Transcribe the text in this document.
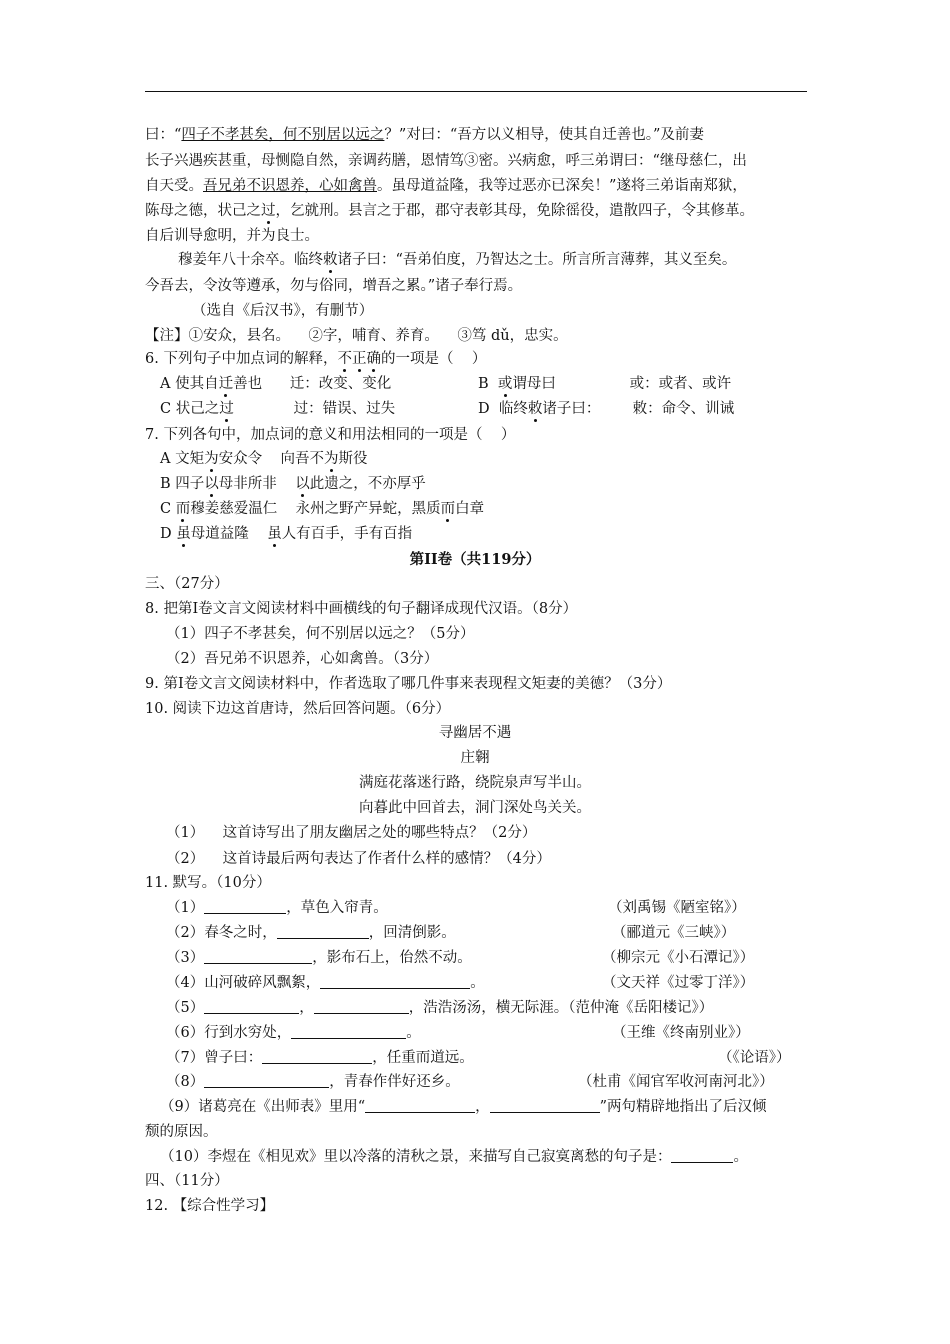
曰：“四子不孝甚矣，何不别居以远之？”对曰：“吾方以义相导，使其自迁善也。”及前妻
长子兴遇疾甚重，母恻隐自然，亲调药膳，恩情笃③密。兴病愈，呼三弟谓曰：“继母慈仁，出
自天受。吾兄弟不识恩养，心如禽兽。虽母道益隆，我等过恶亦已深矣！”遂将三弟诣南郑狱，
陈母之德，状己之过，乞就刑。县言之于郡，郡守表彰其母，免除徭役，遣散四子，令其修革。
自后训导愈明，并为良士。
穆姜年八十余卒。临终敕诸子曰：“吾弟伯度，乃智达之士。所言所言薄葬，其义至矣。
今吾去，令汝等遵承，勿与俗同，增吾之累。”诸子奉行焉。
（选自《后汉书》，有删节）
【注】①安众，县名。    ②字，哺育、养育。    ③笃 dǔ，忠实。
6. 下列句子中加点词的解释，不正确的一项是（    ）
A 使其自迁善也      迁：改变、变化	B  或谓母曰                或：或者、或许
C 状己之过             过：错误、过失	D  临终敕诸子曰：       敕：命令、训诫
7. 下列各句中，加点词的意义和用法相同的一项是（    ）
A 文矩为安众令    向吾不为斯役
B 四子以母非所非    以此遗之，不亦厚乎
C 而穆姜慈爱温仁    永州之野产异蛇，黑质而白章
D 虽母道益隆    虽人有百手，手有百指
第II卷（共119分）
三、（27分）
8. 把第I卷文言文阅读材料中画横线的句子翻译成现代汉语。（8分）
（1）四子不孝甚矣，何不别居以远之？（5分）
（2）吾兄弟不识恩养，心如禽兽。（3分）
9. 第I卷文言文阅读材料中，作者选取了哪几件事来表现程文矩妻的美德？（3分）
10. 阅读下边这首唐诗，然后回答问题。（6分）
寻幽居不遇
庄翱
满庭花落迷行路，绕院泉声写半山。
向暮此中回首去，洞门深处鸟关关。
（1）    这首诗写出了朋友幽居之处的哪些特点？（2分）
（2）    这首诗最后两句表达了作者什么样的感情？（4分）
11. 默写。（10分）
（1）	，草色入帘青。	（刘禹锡《陋室铭》）
（2）春冬之时，	，回清倒影。	（郦道元《三峡》）
（3）	，影布石上，佁然不动。	（柳宗元《小石潭记》）
（4）山河破碎风飘絮，	。	（文天祥《过零丁洋》）
（5）	，	，浩浩汤汤，横无际涯。（范仲淹《岳阳楼记》）
（6）行到水穷处，	。	（王维《终南别业》）
（7）曾子曰：	，任重而道远。	（《论语》）
（8）	，青春作伴好还乡。	（杜甫《闻官军收河南河北》）
（9）诸葛亮在《出师表》里用“	，	”两句精辟地指出了后汉倾
颓的原因。
（10）李煜在《相见欢》里以冷落的清秋之景，来描写自己寂寞离愁的句子是：	。
四、（11分）
12. 【综合性学习】
